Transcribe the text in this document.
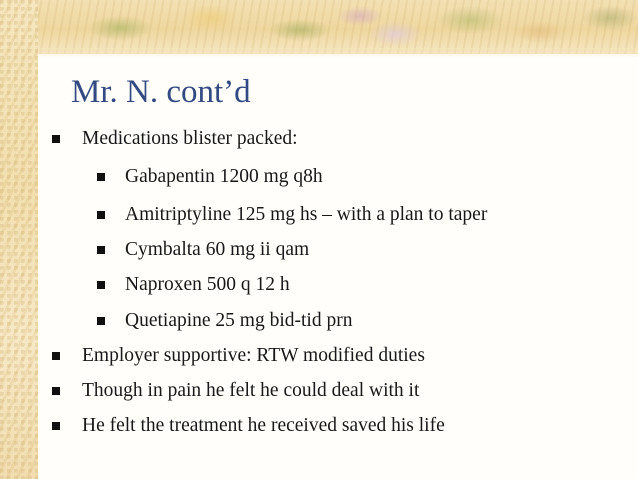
Mr. N. cont’d
Medications blister packed:
Gabapentin 1200 mg q8h
Amitriptyline 125 mg hs – with a plan to taper
Cymbalta 60 mg ii qam
Naproxen 500 q 12 h
Quetiapine 25 mg bid-tid prn
Employer supportive: RTW modified duties
Though in pain he felt he could deal with it
He felt the treatment he received saved his life
